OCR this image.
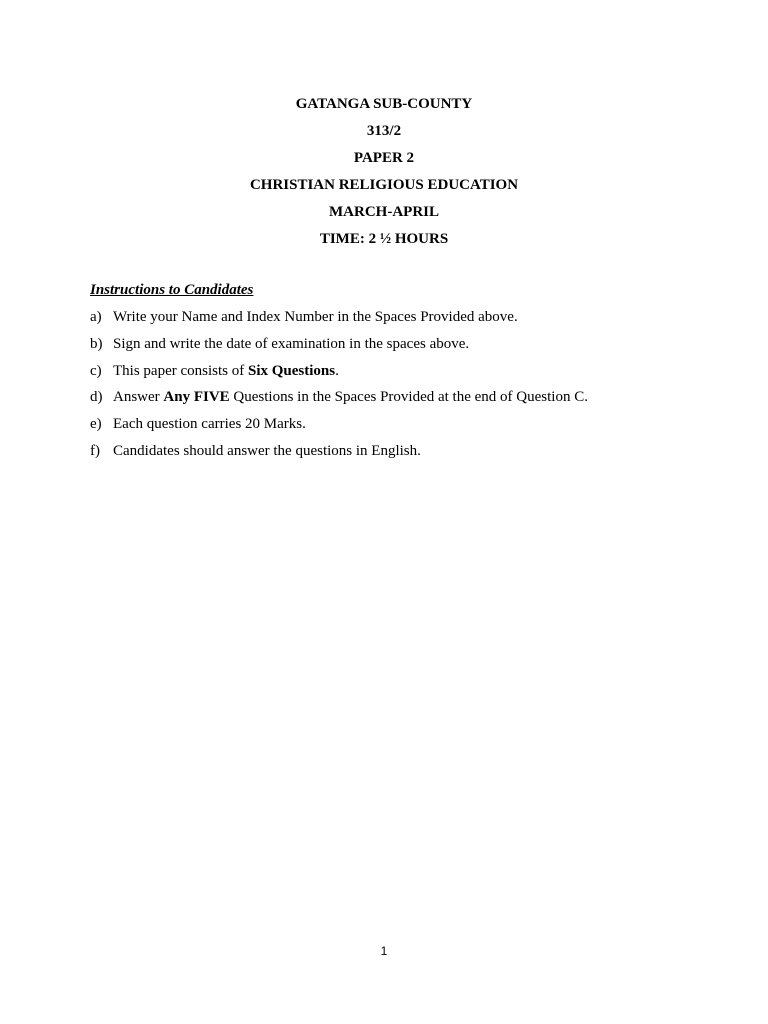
GATANGA SUB-COUNTY
313/2
PAPER 2
CHRISTIAN RELIGIOUS EDUCATION
MARCH-APRIL
TIME: 2 ½ HOURS
Instructions to Candidates
a) Write your Name and Index Number in the Spaces Provided above.
b) Sign and write the date of examination in the spaces above.
c) This paper consists of Six Questions.
d) Answer Any FIVE Questions in the Spaces Provided at the end of Question C.
e) Each question carries 20 Marks.
f) Candidates should answer the questions in English.
1
